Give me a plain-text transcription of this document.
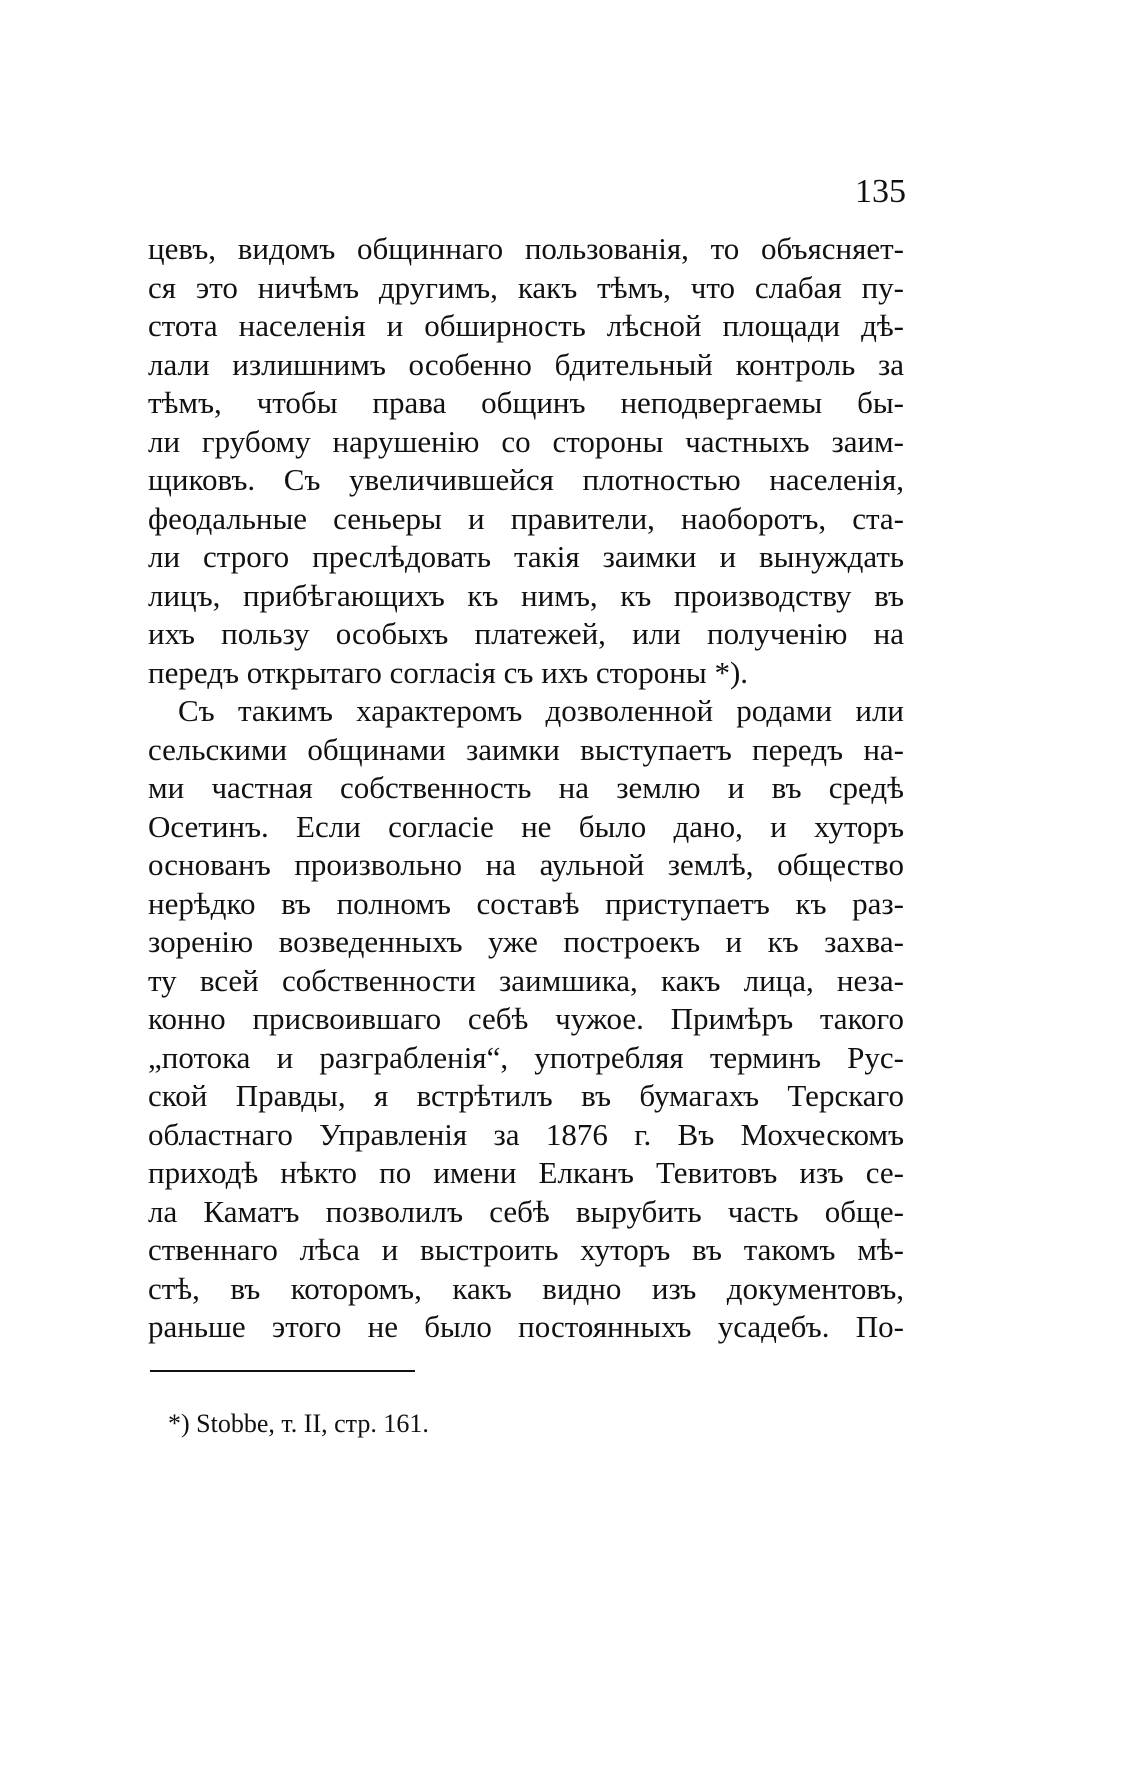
135
цевъ, видомъ общиннаго пользованія, то объясняет-
ся это ничѣмъ другимъ, какъ тѣмъ, что слабая пу-
стота населенія и обширность лѣсной площади дѣ-
лали излишнимъ особенно бдительный контроль за
тѣмъ, чтобы права общинъ неподвергаемы бы-
ли грубому нарушенію со стороны частныхъ заим-
щиковъ. Съ увеличившейся плотностью населенія,
феодальные сеньеры и правители, наоборотъ, ста-
ли строго преслѣдовать такія заимки и вынуждать
лицъ, прибѣгающихъ къ нимъ, къ производству въ
ихъ пользу особыхъ платежей, или полученію на
передъ открытаго согласія съ ихъ стороны *).
Съ такимъ характеромъ дозволенной родами или
сельскими общинами заимки выступаетъ передъ на-
ми частная собственность на землю и въ средѣ
Осетинъ. Если согласіе не было дано, и хуторъ
основанъ произвольно на аульной землѣ, общество
нерѣдко въ полномъ составѣ приступаетъ къ раз-
зоренію возведенныхъ уже построекъ и къ захва-
ту всей собственности заимшика, какъ лица, неза-
конно присвоившаго себѣ чужое. Примѣръ такого
„потока и разграбленія“, употребляя терминъ Рус-
ской Правды, я встрѣтилъ въ бумагахъ Терскаго
областнаго Управленія за 1876 г. Въ Мохческомъ
приходѣ нѣкто по имени Елканъ Тевитовъ изъ се-
ла Каматъ позволилъ себѣ вырубить часть обще-
ственнаго лѣса и выстроить хуторъ въ такомъ мѣ-
стѣ, въ которомъ, какъ видно изъ документовъ,
раньше этого не было постоянныхъ усадебъ. По-
*) Stobbe, т. II, стр. 161.
